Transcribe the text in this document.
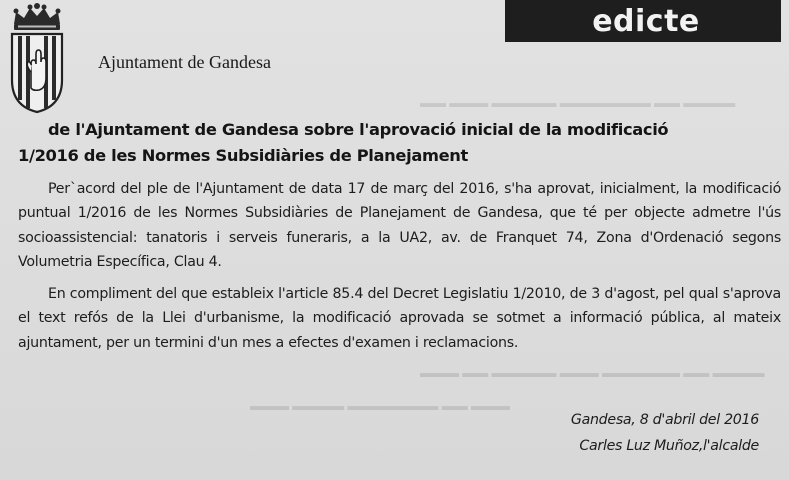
▬▬ ▬▬▬ ▬▬▬▬▬ ▬▬▬▬▬▬▬ ▬▬ ▬▬▬▬
▬▬▬ ▬▬ ▬▬▬▬▬ ▬▬▬ ▬▬▬▬▬▬ ▬▬ ▬▬▬▬
▬▬▬ ▬▬▬▬ ▬▬▬▬▬▬▬ ▬▬ ▬▬▬
edicte
Ajuntament de Gandesa
de l'Ajuntament de Gandesa sobre l'aprovació inicial de la modificació
1/2016 de les Normes Subsidiàries de Planejament
Per`acord del ple de l'Ajuntament de data 17 de març del 2016, s'ha aprovat, inicialment, la modificació puntual 1/2016 de les Normes Subsidiàries de Planejament de Gandesa, que té per objecte admetre l'ús socioassistencial: tanatoris i serveis funeraris, a la UA2, av. de Franquet 74, Zona d'Ordenació segons Volumetria Específica, Clau 4.
En compliment del que estableix l'article 85.4 del Decret Legislatiu 1/2010, de 3 d'agost, pel qual s'aprova el text refós de la Llei d'urbanisme, la modificació aprovada se sotmet a informació pública, al mateix ajuntament, per un termini d'un mes a efectes d'examen i reclamacions.
Gandesa, 8 d'abril del 2016
Carles Luz Muñoz,l'alcalde
